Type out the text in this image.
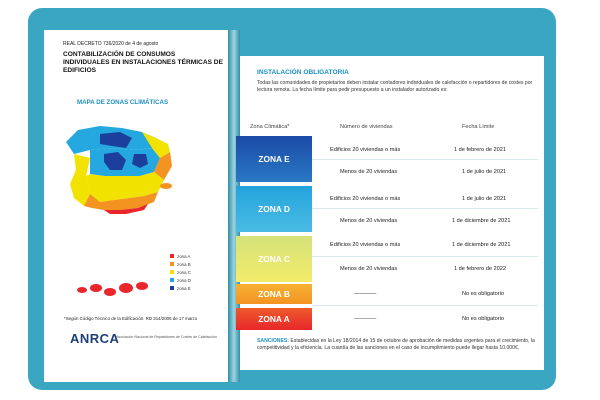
REAL DECRETO 736/2020 de 4 de agosto
CONTABILIZACIÓN DE CONSUMOS INDIVIDUALES EN INSTALACIONES TÉRMICAS DE EDIFICIOS
MAPA DE ZONAS CLIMÁTICAS
zona A
zona B
zona C
zona D
zona E
*Según Código Técnico de la Edificación. RD 314/2006 de 17 marzo
ANRCA
Asociación Nacional de Repartidores de Costes de Calefacción
INSTALACIÓN OBLIGATORIA
Todas las comunidades de propietarios deben instalar contadores individuales de calefacción o repartidores de costes por lectura remota. La fecha límite para pedir presupuesto a un instalador autorizado es:
Zona Climática*	Número de viviendas	Fecha Límite
ZONA E
Edificios 20 viviendas o más	1 de febrero de 2021
Menos de 20 viviendas	1 de julio de 2021
ZONA D
Edificios 20 viviendas o más	1 de julio de 2021
Menos de 20 viviendas	1 de diciembre de 2021
ZONA C
Edificios 20 viviendas o más	1 de diciembre de 2021
Menos de 20 viviendas	1 de febrero de 2022
ZONA B	————	No es obligatorio
ZONA A	————	No es obligatorio
SANCIONES: Establecidas en la Ley 18/2014 de 15 de octubre de aprobación de medidas urgentes para el crecimiento, la competitividad y la eficiencia. La cuantía de las sanciones en el caso de incumplimiento puede llegar hasta 10.000€.
